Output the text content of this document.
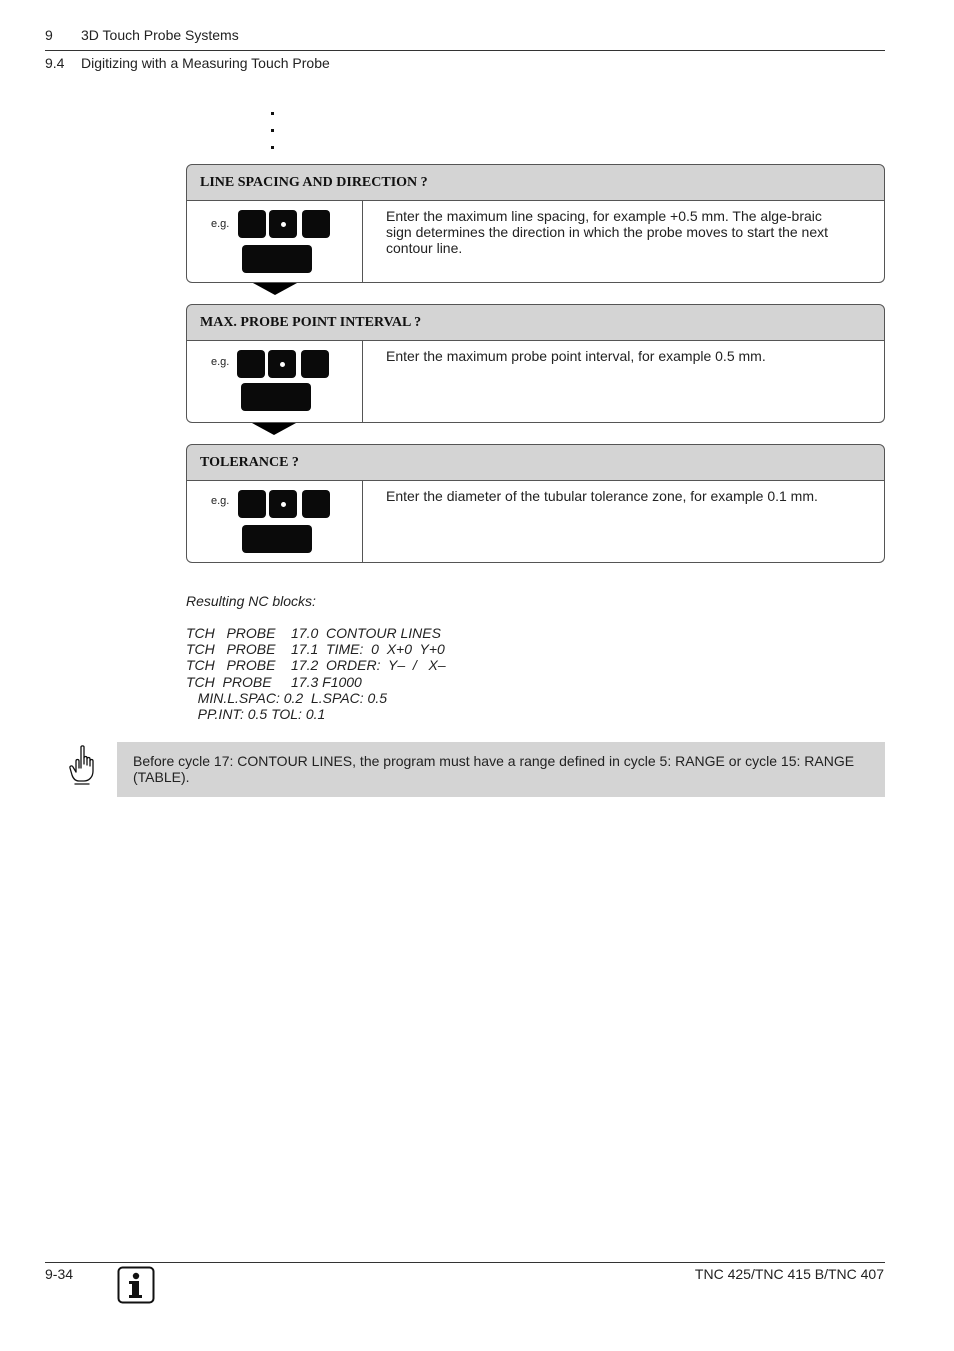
9 3D Touch Probe Systems
9.4 Digitizing with a Measuring Touch Probe
LINE SPACING AND DIRECTION ?
e.g.	Enter the maximum line spacing, for example +0.5 mm. The alge-braic sign determines the direction in which the probe moves to start the next contour line.
MAX. PROBE POINT INTERVAL ?
e.g.	Enter the maximum probe point interval, for example 0.5 mm.
TOLERANCE ?
e.g.	Enter the diameter of the tubular tolerance zone, for example 0.1 mm.
Resulting NC blocks:
TCH   PROBE    17.0  CONTOUR LINES
TCH   PROBE    17.1  TIME:  0  X+0  Y+0
TCH   PROBE    17.2  ORDER:  Y–  /   X–
TCH  PROBE     17.3 F1000
MIN.L.SPAC: 0.2  L.SPAC: 0.5
PP.INT: 0.5 TOL: 0.1
Before cycle 17: CONTOUR LINES, the program must have a range defined in cycle 5: RANGE or cycle 15: RANGE (TABLE).
9-34	TNC 425/TNC 415 B/TNC 407
